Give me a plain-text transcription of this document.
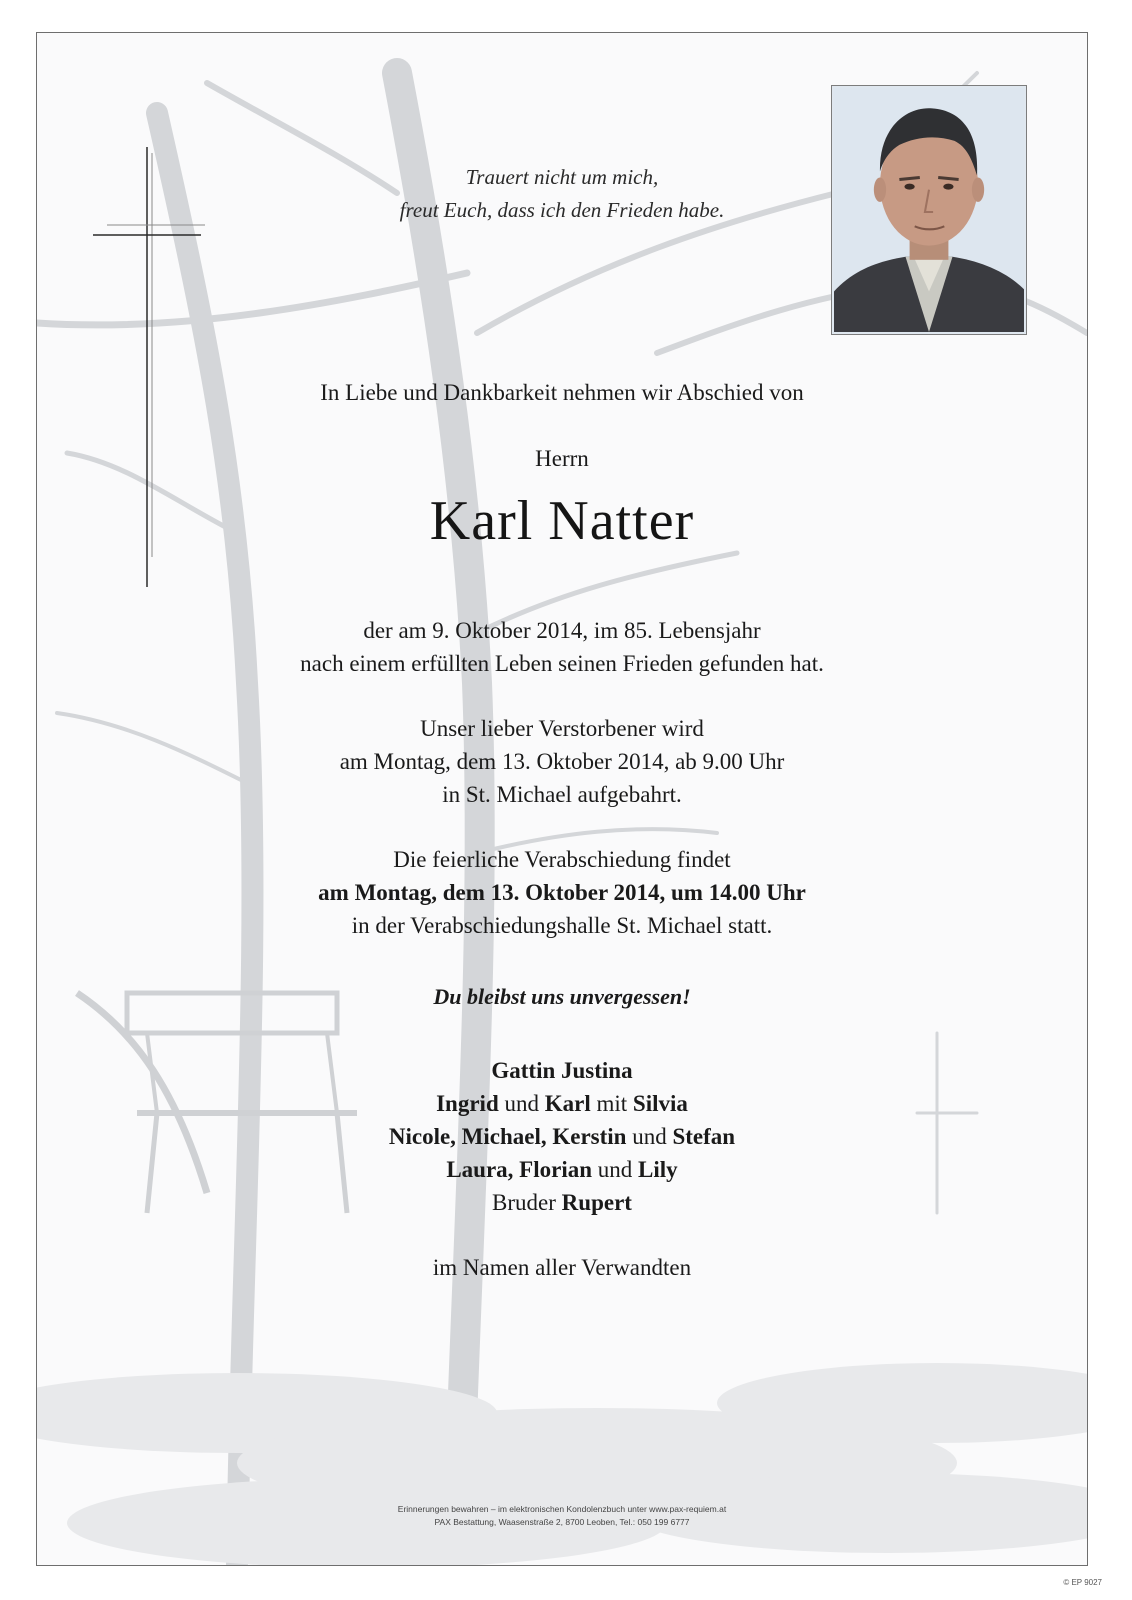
Trauert nicht um mich,
freut Euch, dass ich den Frieden habe.
In Liebe und Dankbarkeit nehmen wir Abschied von
Herrn
Karl Natter
der am 9. Oktober 2014, im 85. Lebensjahr
nach einem erfüllten Leben seinen Frieden gefunden hat.
Unser lieber Verstorbener wird
am Montag, dem 13. Oktober 2014, ab 9.00 Uhr
in St. Michael aufgebahrt.
Die feierliche Verabschiedung findet
am Montag, dem 13. Oktober 2014, um 14.00 Uhr
in der Verabschiedungshalle St. Michael statt.
Du bleibst uns unvergessen!
Gattin Justina
Ingrid und Karl mit Silvia
Nicole, Michael, Kerstin und Stefan
Laura, Florian und Lily
Bruder Rupert
im Namen aller Verwandten
Erinnerungen bewahren – im elektronischen Kondolenzbuch unter www.pax-requiem.at
PAX Bestattung, Waasenstraße 2, 8700 Leoben, Tel.: 050 199 6777
© EP 9027
